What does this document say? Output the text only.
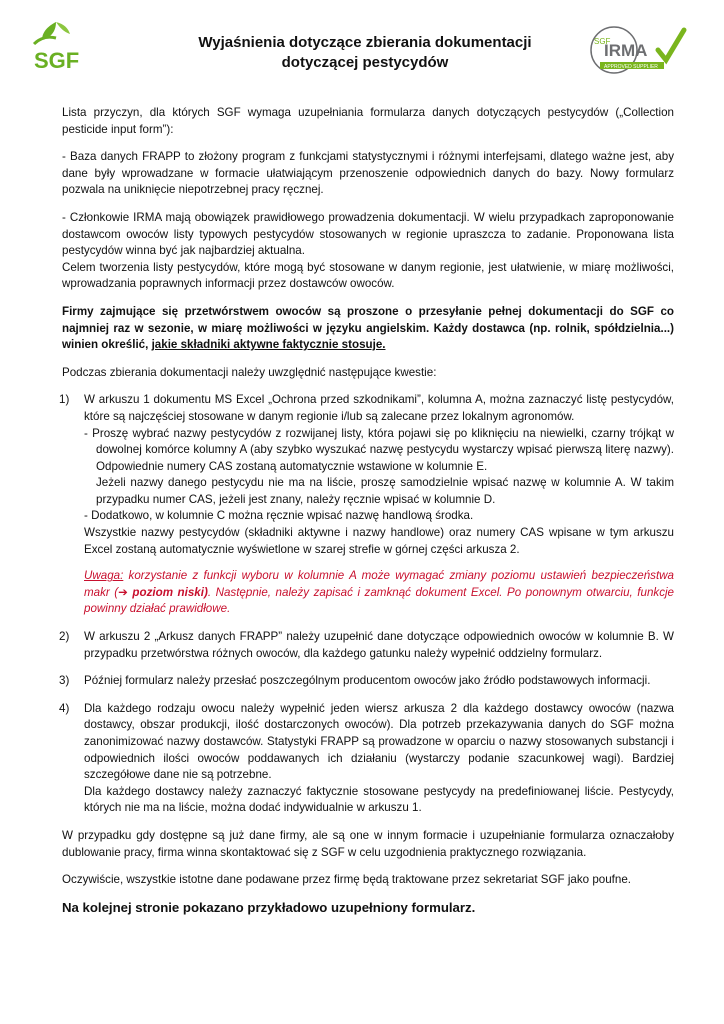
SGF
Wyjaśnienia dotyczące zbierania dokumentacji
dotyczącej pestycydów
SGF
IRMA
APPROVED SUPPLIER

Lista przyczyn, dla których SGF wymaga uzupełniania formularza danych dotyczących pestycydów („Collection pesticide input form”):

- Baza danych FRAPP to złożony program z funkcjami statystycznymi i różnymi interfejsami, dlatego ważne jest, aby dane były wprowadzane w formacie ułatwiającym przenoszenie odpowiednich danych do bazy. Nowy formularz pozwala na uniknięcie niepotrzebnej pracy ręcznej.

- Członkowie IRMA mają obowiązek prawidłowego prowadzenia dokumentacji. W wielu przypadkach zaproponowanie dostawcom owoców listy typowych pestycydów stosowanych w regionie upraszcza to zadanie. Proponowana lista pestycydów winna być jak najbardziej aktualna.
Celem tworzenia listy pestycydów, które mogą być stosowane w danym regionie, jest ułatwienie, w miarę możliwości, wprowadzania poprawnych informacji przez dostawców owoców.

Firmy zajmujące się przetwórstwem owoców są proszone o przesyłanie pełnej dokumentacji do SGF co najmniej raz w sezonie, w miarę możliwości w języku angielskim. Każdy dostawca (np. rolnik, spółdzielnia...) winien określić, jakie składniki aktywne faktycznie stosuje.

Podczas zbierania dokumentacji należy uwzględnić następujące kwestie:

1) W arkuszu 1 dokumentu MS Excel „Ochrona przed szkodnikami”, kolumna A, można zaznaczyć listę pestycydów, które są najczęściej stosowane w danym regionie i/lub są zalecane przez lokalnym agronomów.
- Proszę wybrać nazwy pestycydów z rozwijanej listy, która pojawi się po kliknięciu na niewielki, czarny trójkąt w dowolnej komórce kolumny A (aby szybko wyszukać nazwę pestycydu wystarczy wpisać pierwszą literę nazwy). Odpowiednie numery CAS zostaną automatycznie wstawione w kolumnie E.
Jeżeli nazwy danego pestycydu nie ma na liście, proszę samodzielnie wpisać nazwę w kolumnie A. W takim przypadku numer CAS, jeżeli jest znany, należy ręcznie wpisać w kolumnie D.
- Dodatkowo, w kolumnie C można ręcznie wpisać nazwę handlową środka.
Wszystkie nazwy pestycydów (składniki aktywne i nazwy handlowe) oraz numery CAS wpisane w tym arkuszu Excel zostaną automatycznie wyświetlone w szarej strefie w górnej części arkusza 2.
Uwaga: korzystanie z funkcji wyboru w kolumnie A może wymagać zmiany poziomu ustawień bezpieczeństwa makr (➔ poziom niski). Następnie, należy zapisać i zamknąć dokument Excel. Po ponownym otwarciu, funkcje powinny działać prawidłowe.
2) W arkuszu 2 „Arkusz danych FRAPP” należy uzupełnić dane dotyczące odpowiednich owoców w kolumnie B. W przypadku przetwórstwa różnych owoców, dla każdego gatunku należy wypełnić oddzielny formularz.
3) Później formularz należy przesłać poszczególnym producentom owoców jako źródło podstawowych informacji.
4) Dla każdego rodzaju owocu należy wypełnić jeden wiersz arkusza 2 dla każdego dostawcy owoców (nazwa dostawcy, obszar produkcji, ilość dostarczonych owoców). Dla potrzeb przekazywania danych do SGF można zanonimizować nazwy dostawców. Statystyki FRAPP są prowadzone w oparciu o nazwy stosowanych substancji i odpowiednich ilości owoców poddawanych ich działaniu (wystarczy podanie szacunkowej wagi). Bardziej szczegółowe dane nie są potrzebne.
Dla każdego dostawcy należy zaznaczyć faktycznie stosowane pestycydy na predefiniowanej liście. Pestycydy, których nie ma na liście, można dodać indywidualnie w arkuszu 1.

W przypadku gdy dostępne są już dane firmy, ale są one w innym formacie i uzupełnianie formularza oznaczałoby dublowanie pracy, firma winna skontaktować się z SGF w celu uzgodnienia praktycznego rozwiązania.

Oczywiście, wszystkie istotne dane podawane przez firmę będą traktowane przez sekretariat SGF jako poufne.

Na kolejnej stronie pokazano przykładowo uzupełniony formularz.
